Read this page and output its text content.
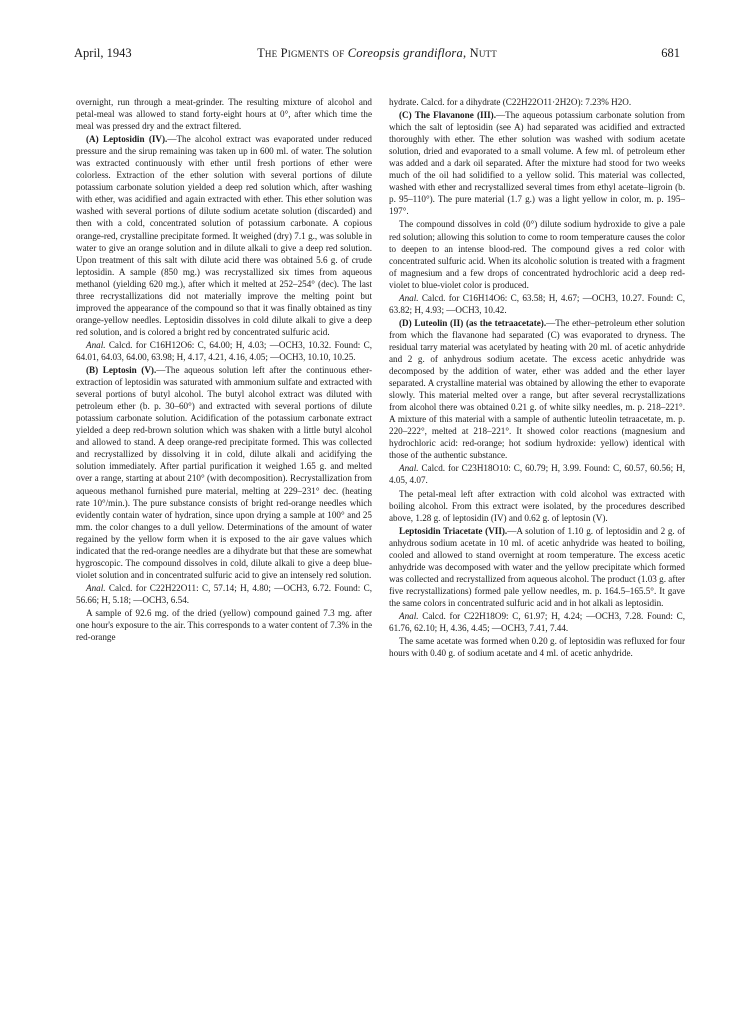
April, 1943	The Pigments of Coreopsis grandiflora, Nutt	681

overnight, run through a meat-grinder. The resulting mixture of alcohol and petal-meal was allowed to stand forty-eight hours at 0°, after which time the meal was pressed dry and the extract filtered.

(A) Leptosidin (IV).—The alcohol extract was evaporated under reduced pressure and the sirup remaining was taken up in 600 ml. of water. The solution was extracted continuously with ether until fresh portions of ether were colorless. Extraction of the ether solution with several portions of dilute potassium carbonate solution yielded a deep red solution which, after washing with ether, was acidified and again extracted with ether. This ether solution was washed with several portions of dilute sodium acetate solution (discarded) and then with a cold, concentrated solution of potassium carbonate. A copious orange-red, crystalline precipitate formed. It weighed (dry) 7.1 g., was soluble in water to give an orange solution and in dilute alkali to give a deep red solution. Upon treatment of this salt with dilute acid there was obtained 5.6 g. of crude leptosidin. A sample (850 mg.) was recrystallized six times from aqueous methanol (yielding 620 mg.), after which it melted at 252–254° (dec). The last three recrystallizations did not materially improve the melting point but improved the appearance of the compound so that it was finally obtained as tiny orange-yellow needles. Leptosidin dissolves in cold dilute alkali to give a deep red solution, and is colored a bright red by concentrated sulfuric acid.

Anal. Calcd. for C16H12O6: C, 64.00; H, 4.03; —OCH3, 10.32. Found: C, 64.01, 64.03, 64.00, 63.98; H, 4.17, 4.21, 4.16, 4.05; —OCH3, 10.10, 10.25.

(B) Leptosin (V).—The aqueous solution left after the continuous ether-extraction of leptosidin was saturated with ammonium sulfate and extracted with several portions of butyl alcohol. The butyl alcohol extract was diluted with petroleum ether (b. p. 30–60°) and extracted with several portions of dilute potassium carbonate solution. Acidification of the potassium carbonate extract yielded a deep red-brown solution which was shaken with a little butyl alcohol and allowed to stand. A deep orange-red precipitate formed. This was collected and recrystallized by dissolving it in cold, dilute alkali and acidifying the solution immediately. After partial purification it weighed 1.65 g. and melted over a range, starting at about 210° (with decomposition). Recrystallization from aqueous methanol furnished pure material, melting at 229–231° dec. (heating rate 10°/min.). The pure substance consists of bright red-orange needles which evidently contain water of hydration, since upon drying a sample at 100° and 25 mm. the color changes to a dull yellow. Determinations of the amount of water regained by the yellow form when it is exposed to the air gave values which indicated that the red-orange needles are a dihydrate but that these are somewhat hygroscopic. The compound dissolves in cold, dilute alkali to give a deep blue-violet solution and in concentrated sulfuric acid to give an intensely red solution.

Anal. Calcd. for C22H22O11: C, 57.14; H, 4.80; —OCH3, 6.72. Found: C, 56.66; H, 5.18; —OCH3, 6.54.

A sample of 92.6 mg. of the dried (yellow) compound gained 7.3 mg. after one hour's exposure to the air. This corresponds to a water content of 7.3% in the red-orange

hydrate. Calcd. for a dihydrate (C22H22O11·2H2O): 7.23% H2O.

(C) The Flavanone (III).—The aqueous potassium carbonate solution from which the salt of leptosidin (see A) had separated was acidified and extracted thoroughly with ether. The ether solution was washed with sodium acetate solution, dried and evaporated to a small volume. A few ml. of petroleum ether was added and a dark oil separated. After the mixture had stood for two weeks much of the oil had solidified to a yellow solid. This material was collected, washed with ether and recrystallized several times from ethyl acetate–ligroin (b. p. 95–110°). The pure material (1.7 g.) was a light yellow in color, m. p. 195–197°.

The compound dissolves in cold (0°) dilute sodium hydroxide to give a pale red solution; allowing this solution to come to room temperature causes the color to deepen to an intense blood-red. The compound gives a red color with concentrated sulfuric acid. When its alcoholic solution is treated with a fragment of magnesium and a few drops of concentrated hydrochloric acid a deep red-violet to blue-violet color is produced.

Anal. Calcd. for C16H14O6: C, 63.58; H, 4.67; —OCH3, 10.27. Found: C, 63.82; H, 4.93; —OCH3, 10.42.

(D) Luteolin (II) (as the tetraacetate).—The ether–petroleum ether solution from which the flavanone had separated (C) was evaporated to dryness. The residual tarry material was acetylated by heating with 20 ml. of acetic anhydride and 2 g. of anhydrous sodium acetate. The excess acetic anhydride was decomposed by the addition of water, ether was added and the ether layer separated. A crystalline material was obtained by allowing the ether to evaporate slowly. This material melted over a range, but after several recrystallizations from alcohol there was obtained 0.21 g. of white silky needles, m. p. 218–221°. A mixture of this material with a sample of authentic luteolin tetraacetate, m. p. 220–222°, melted at 218–221°. It showed color reactions (magnesium and hydrochloric acid: red-orange; hot sodium hydroxide: yellow) identical with those of the authentic substance.

Anal. Calcd. for C23H18O10: C, 60.79; H, 3.99. Found: C, 60.57, 60.56; H, 4.05, 4.07.

The petal-meal left after extraction with cold alcohol was extracted with boiling alcohol. From this extract were isolated, by the procedures described above, 1.28 g. of leptosidin (IV) and 0.62 g. of leptosin (V).

Leptosidin Triacetate (VII).—A solution of 1.10 g. of leptosidin and 2 g. of anhydrous sodium acetate in 10 ml. of acetic anhydride was heated to boiling, cooled and allowed to stand overnight at room temperature. The excess acetic anhydride was decomposed with water and the yellow precipitate which formed was collected and recrystallized from aqueous alcohol. The product (1.03 g. after five recrystallizations) formed pale yellow needles, m. p. 164.5–165.5°. It gave the same colors in concentrated sulfuric acid and in hot alkali as leptosidin.

Anal. Calcd. for C22H18O9: C, 61.97; H, 4.24; —OCH3, 7.28. Found: C, 61.76, 62.10; H, 4.36, 4.45; —OCH3, 7.41, 7.44.

The same acetate was formed when 0.20 g. of leptosidin was refluxed for four hours with 0.40 g. of sodium acetate and 4 ml. of acetic anhydride.
